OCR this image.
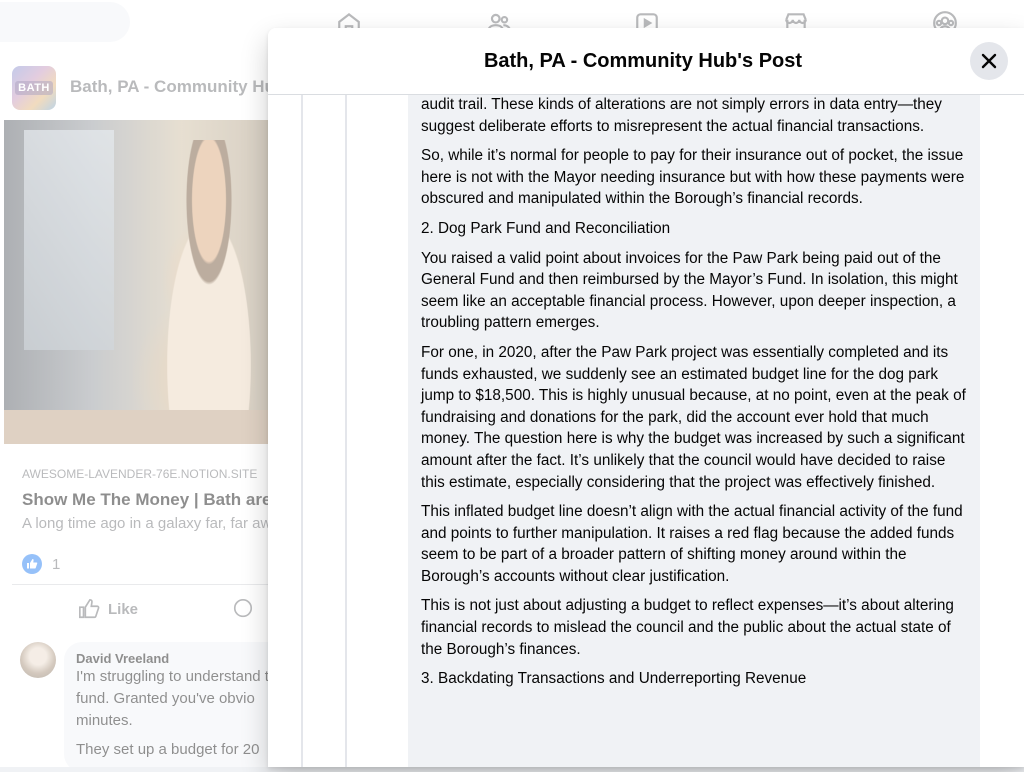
Bath, PA - Community Hub's Post

audit trail. These kinds of alterations are not simply errors in data entry—they suggest deliberate efforts to misrepresent the actual financial transactions.

So, while it’s normal for people to pay for their insurance out of pocket, the issue here is not with the Mayor needing insurance but with how these payments were obscured and manipulated within the Borough’s financial records.

2. Dog Park Fund and Reconciliation

You raised a valid point about invoices for the Paw Park being paid out of the General Fund and then reimbursed by the Mayor’s Fund. In isolation, this might seem like an acceptable financial process. However, upon deeper inspection, a troubling pattern emerges.

For one, in 2020, after the Paw Park project was essentially completed and its funds exhausted, we suddenly see an estimated budget line for the dog park jump to $18,500. This is highly unusual because, at no point, even at the peak of fundraising and donations for the park, did the account ever hold that much money. The question here is why the budget was increased by such a significant amount after the fact. It’s unlikely that the council would have decided to raise this estimate, especially considering that the project was effectively finished.

This inflated budget line doesn’t align with the actual financial activity of the fund and points to further manipulation. It raises a red flag because the added funds seem to be part of a broader pattern of shifting money around within the Borough’s accounts without clear justification.

This is not just about adjusting a budget to reflect expenses—it’s about altering financial records to mislead the council and the public about the actual state of the Borough’s finances.

3. Backdating Transactions and Underreporting Revenue
